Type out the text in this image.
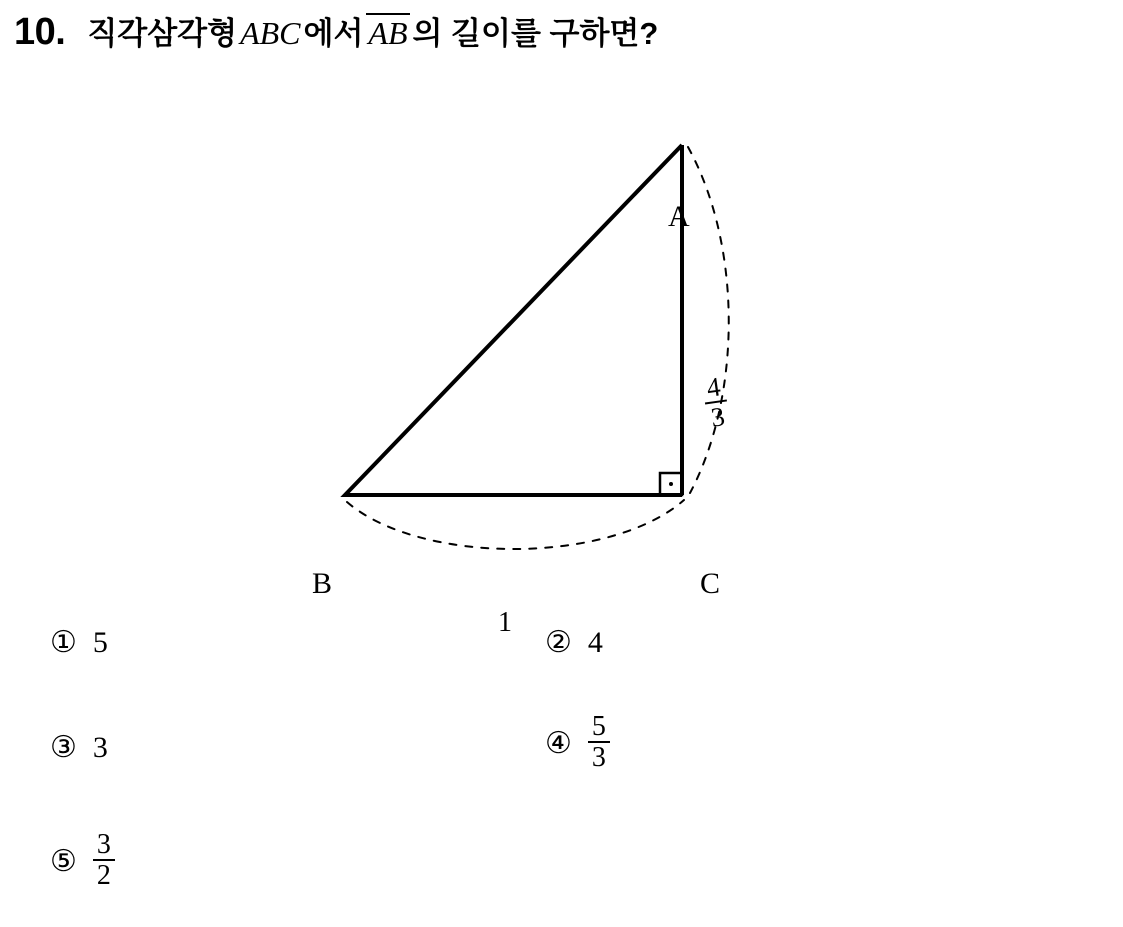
10. 직각삼각형 ABC 에서 AB 의 길이를 구하면?
A
B	C
$\frac{4}{3}$
1
① 5	② 4
③ 3	④ $\frac{5}{3}$
⑤ $\frac{3}{2}$
